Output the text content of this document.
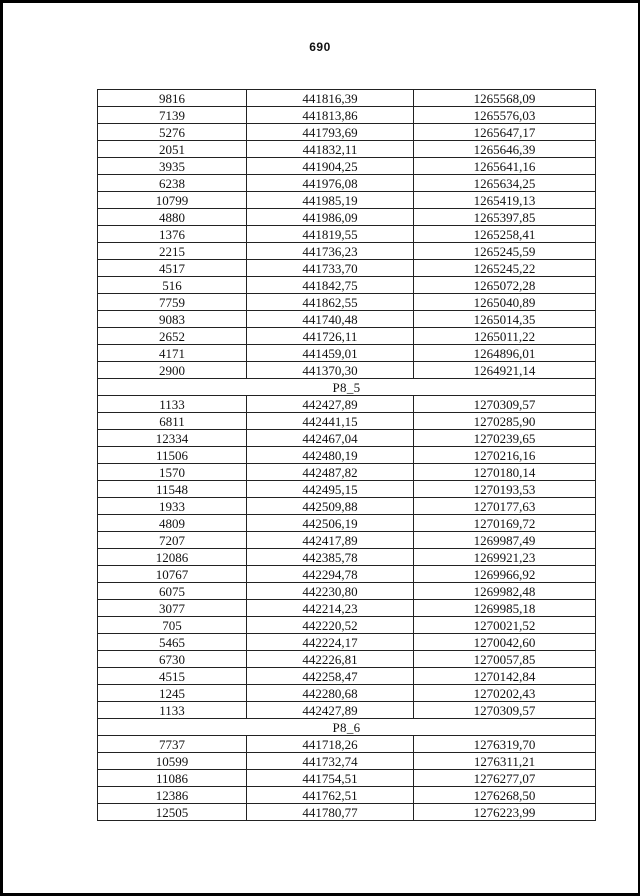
690
9816	441816,39	1265568,09
7139	441813,86	1265576,03
5276	441793,69	1265647,17
2051	441832,11	1265646,39
3935	441904,25	1265641,16
6238	441976,08	1265634,25
10799	441985,19	1265419,13
4880	441986,09	1265397,85
1376	441819,55	1265258,41
2215	441736,23	1265245,59
4517	441733,70	1265245,22
516	441842,75	1265072,28
7759	441862,55	1265040,89
9083	441740,48	1265014,35
2652	441726,11	1265011,22
4171	441459,01	1264896,01
2900	441370,30	1264921,14
P8_5		
1133	442427,89	1270309,57
6811	442441,15	1270285,90
12334	442467,04	1270239,65
11506	442480,19	1270216,16
1570	442487,82	1270180,14
11548	442495,15	1270193,53
1933	442509,88	1270177,63
4809	442506,19	1270169,72
7207	442417,89	1269987,49
12086	442385,78	1269921,23
10767	442294,78	1269966,92
6075	442230,80	1269982,48
3077	442214,23	1269985,18
705	442220,52	1270021,52
5465	442224,17	1270042,60
6730	442226,81	1270057,85
4515	442258,47	1270142,84
1245	442280,68	1270202,43
1133	442427,89	1270309,57
P8_6		
7737	441718,26	1276319,70
10599	441732,74	1276311,21
11086	441754,51	1276277,07
12386	441762,51	1276268,50
12505	441780,77	1276223,99
